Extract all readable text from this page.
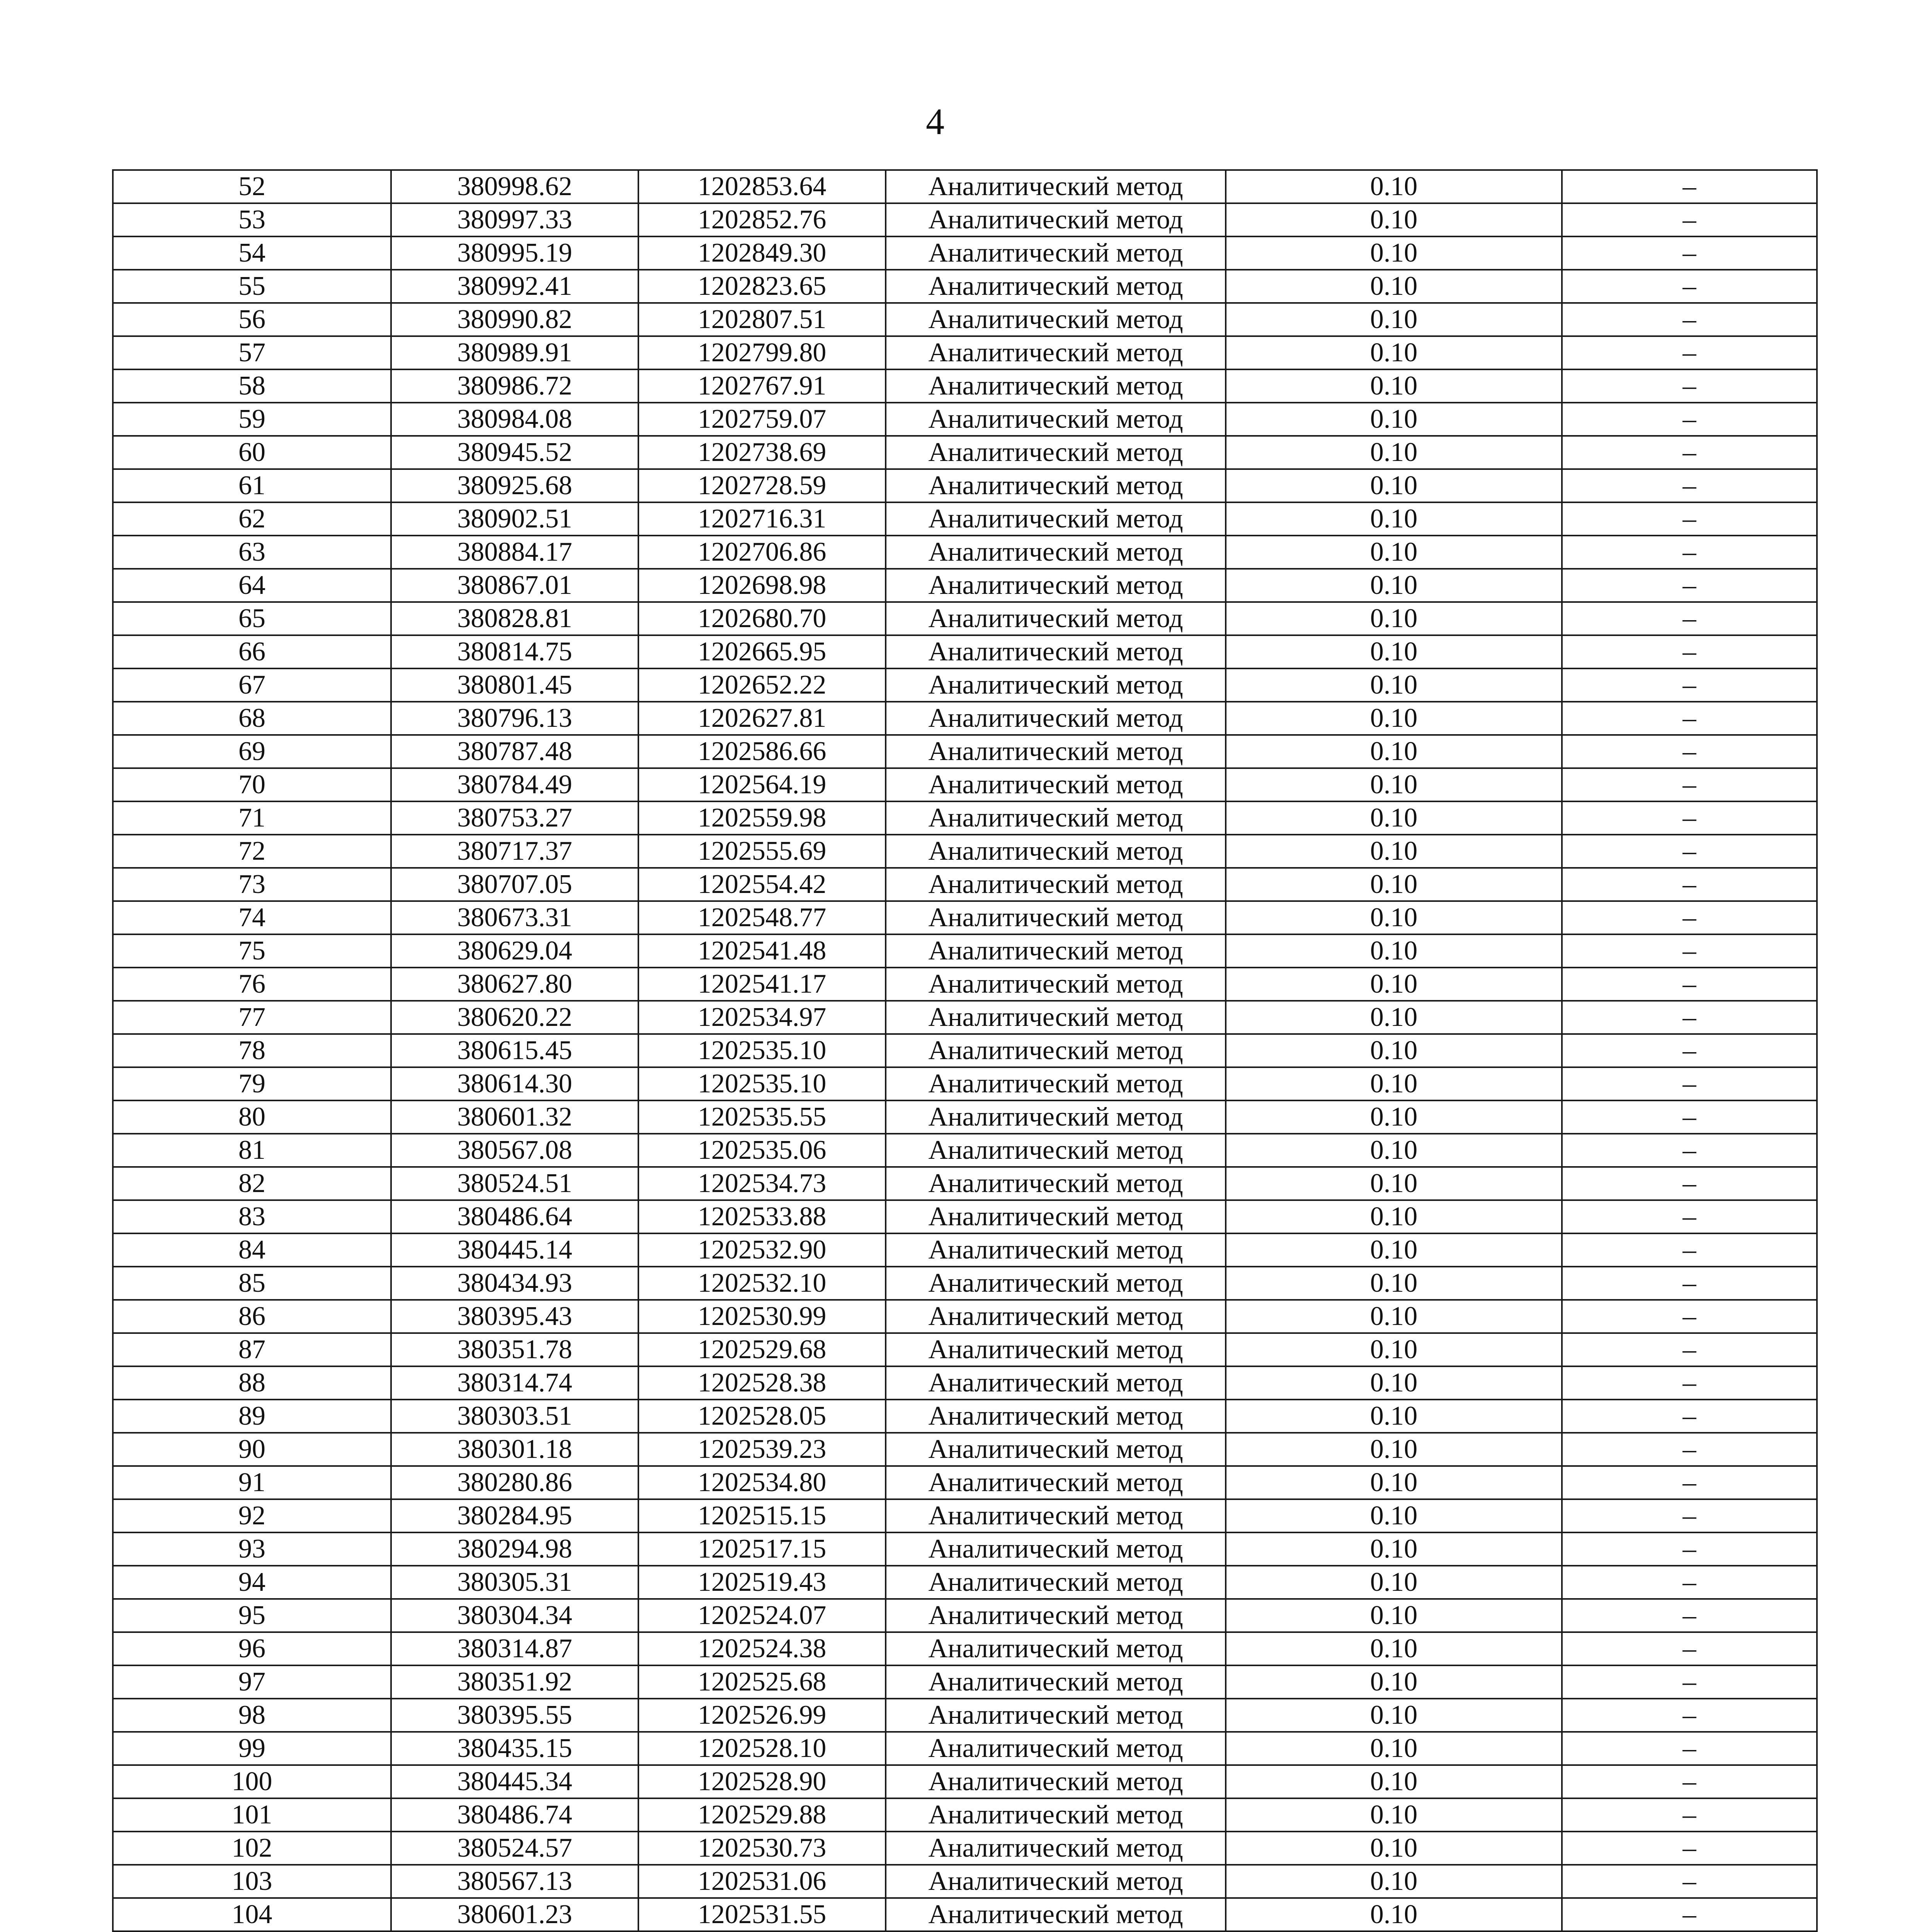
4
52	380998.62	1202853.64	Аналитический метод	0.10	–
53	380997.33	1202852.76	Аналитический метод	0.10	–
54	380995.19	1202849.30	Аналитический метод	0.10	–
55	380992.41	1202823.65	Аналитический метод	0.10	–
56	380990.82	1202807.51	Аналитический метод	0.10	–
57	380989.91	1202799.80	Аналитический метод	0.10	–
58	380986.72	1202767.91	Аналитический метод	0.10	–
59	380984.08	1202759.07	Аналитический метод	0.10	–
60	380945.52	1202738.69	Аналитический метод	0.10	–
61	380925.68	1202728.59	Аналитический метод	0.10	–
62	380902.51	1202716.31	Аналитический метод	0.10	–
63	380884.17	1202706.86	Аналитический метод	0.10	–
64	380867.01	1202698.98	Аналитический метод	0.10	–
65	380828.81	1202680.70	Аналитический метод	0.10	–
66	380814.75	1202665.95	Аналитический метод	0.10	–
67	380801.45	1202652.22	Аналитический метод	0.10	–
68	380796.13	1202627.81	Аналитический метод	0.10	–
69	380787.48	1202586.66	Аналитический метод	0.10	–
70	380784.49	1202564.19	Аналитический метод	0.10	–
71	380753.27	1202559.98	Аналитический метод	0.10	–
72	380717.37	1202555.69	Аналитический метод	0.10	–
73	380707.05	1202554.42	Аналитический метод	0.10	–
74	380673.31	1202548.77	Аналитический метод	0.10	–
75	380629.04	1202541.48	Аналитический метод	0.10	–
76	380627.80	1202541.17	Аналитический метод	0.10	–
77	380620.22	1202534.97	Аналитический метод	0.10	–
78	380615.45	1202535.10	Аналитический метод	0.10	–
79	380614.30	1202535.10	Аналитический метод	0.10	–
80	380601.32	1202535.55	Аналитический метод	0.10	–
81	380567.08	1202535.06	Аналитический метод	0.10	–
82	380524.51	1202534.73	Аналитический метод	0.10	–
83	380486.64	1202533.88	Аналитический метод	0.10	–
84	380445.14	1202532.90	Аналитический метод	0.10	–
85	380434.93	1202532.10	Аналитический метод	0.10	–
86	380395.43	1202530.99	Аналитический метод	0.10	–
87	380351.78	1202529.68	Аналитический метод	0.10	–
88	380314.74	1202528.38	Аналитический метод	0.10	–
89	380303.51	1202528.05	Аналитический метод	0.10	–
90	380301.18	1202539.23	Аналитический метод	0.10	–
91	380280.86	1202534.80	Аналитический метод	0.10	–
92	380284.95	1202515.15	Аналитический метод	0.10	–
93	380294.98	1202517.15	Аналитический метод	0.10	–
94	380305.31	1202519.43	Аналитический метод	0.10	–
95	380304.34	1202524.07	Аналитический метод	0.10	–
96	380314.87	1202524.38	Аналитический метод	0.10	–
97	380351.92	1202525.68	Аналитический метод	0.10	–
98	380395.55	1202526.99	Аналитический метод	0.10	–
99	380435.15	1202528.10	Аналитический метод	0.10	–
100	380445.34	1202528.90	Аналитический метод	0.10	–
101	380486.74	1202529.88	Аналитический метод	0.10	–
102	380524.57	1202530.73	Аналитический метод	0.10	–
103	380567.13	1202531.06	Аналитический метод	0.10	–
104	380601.23	1202531.55	Аналитический метод	0.10	–
